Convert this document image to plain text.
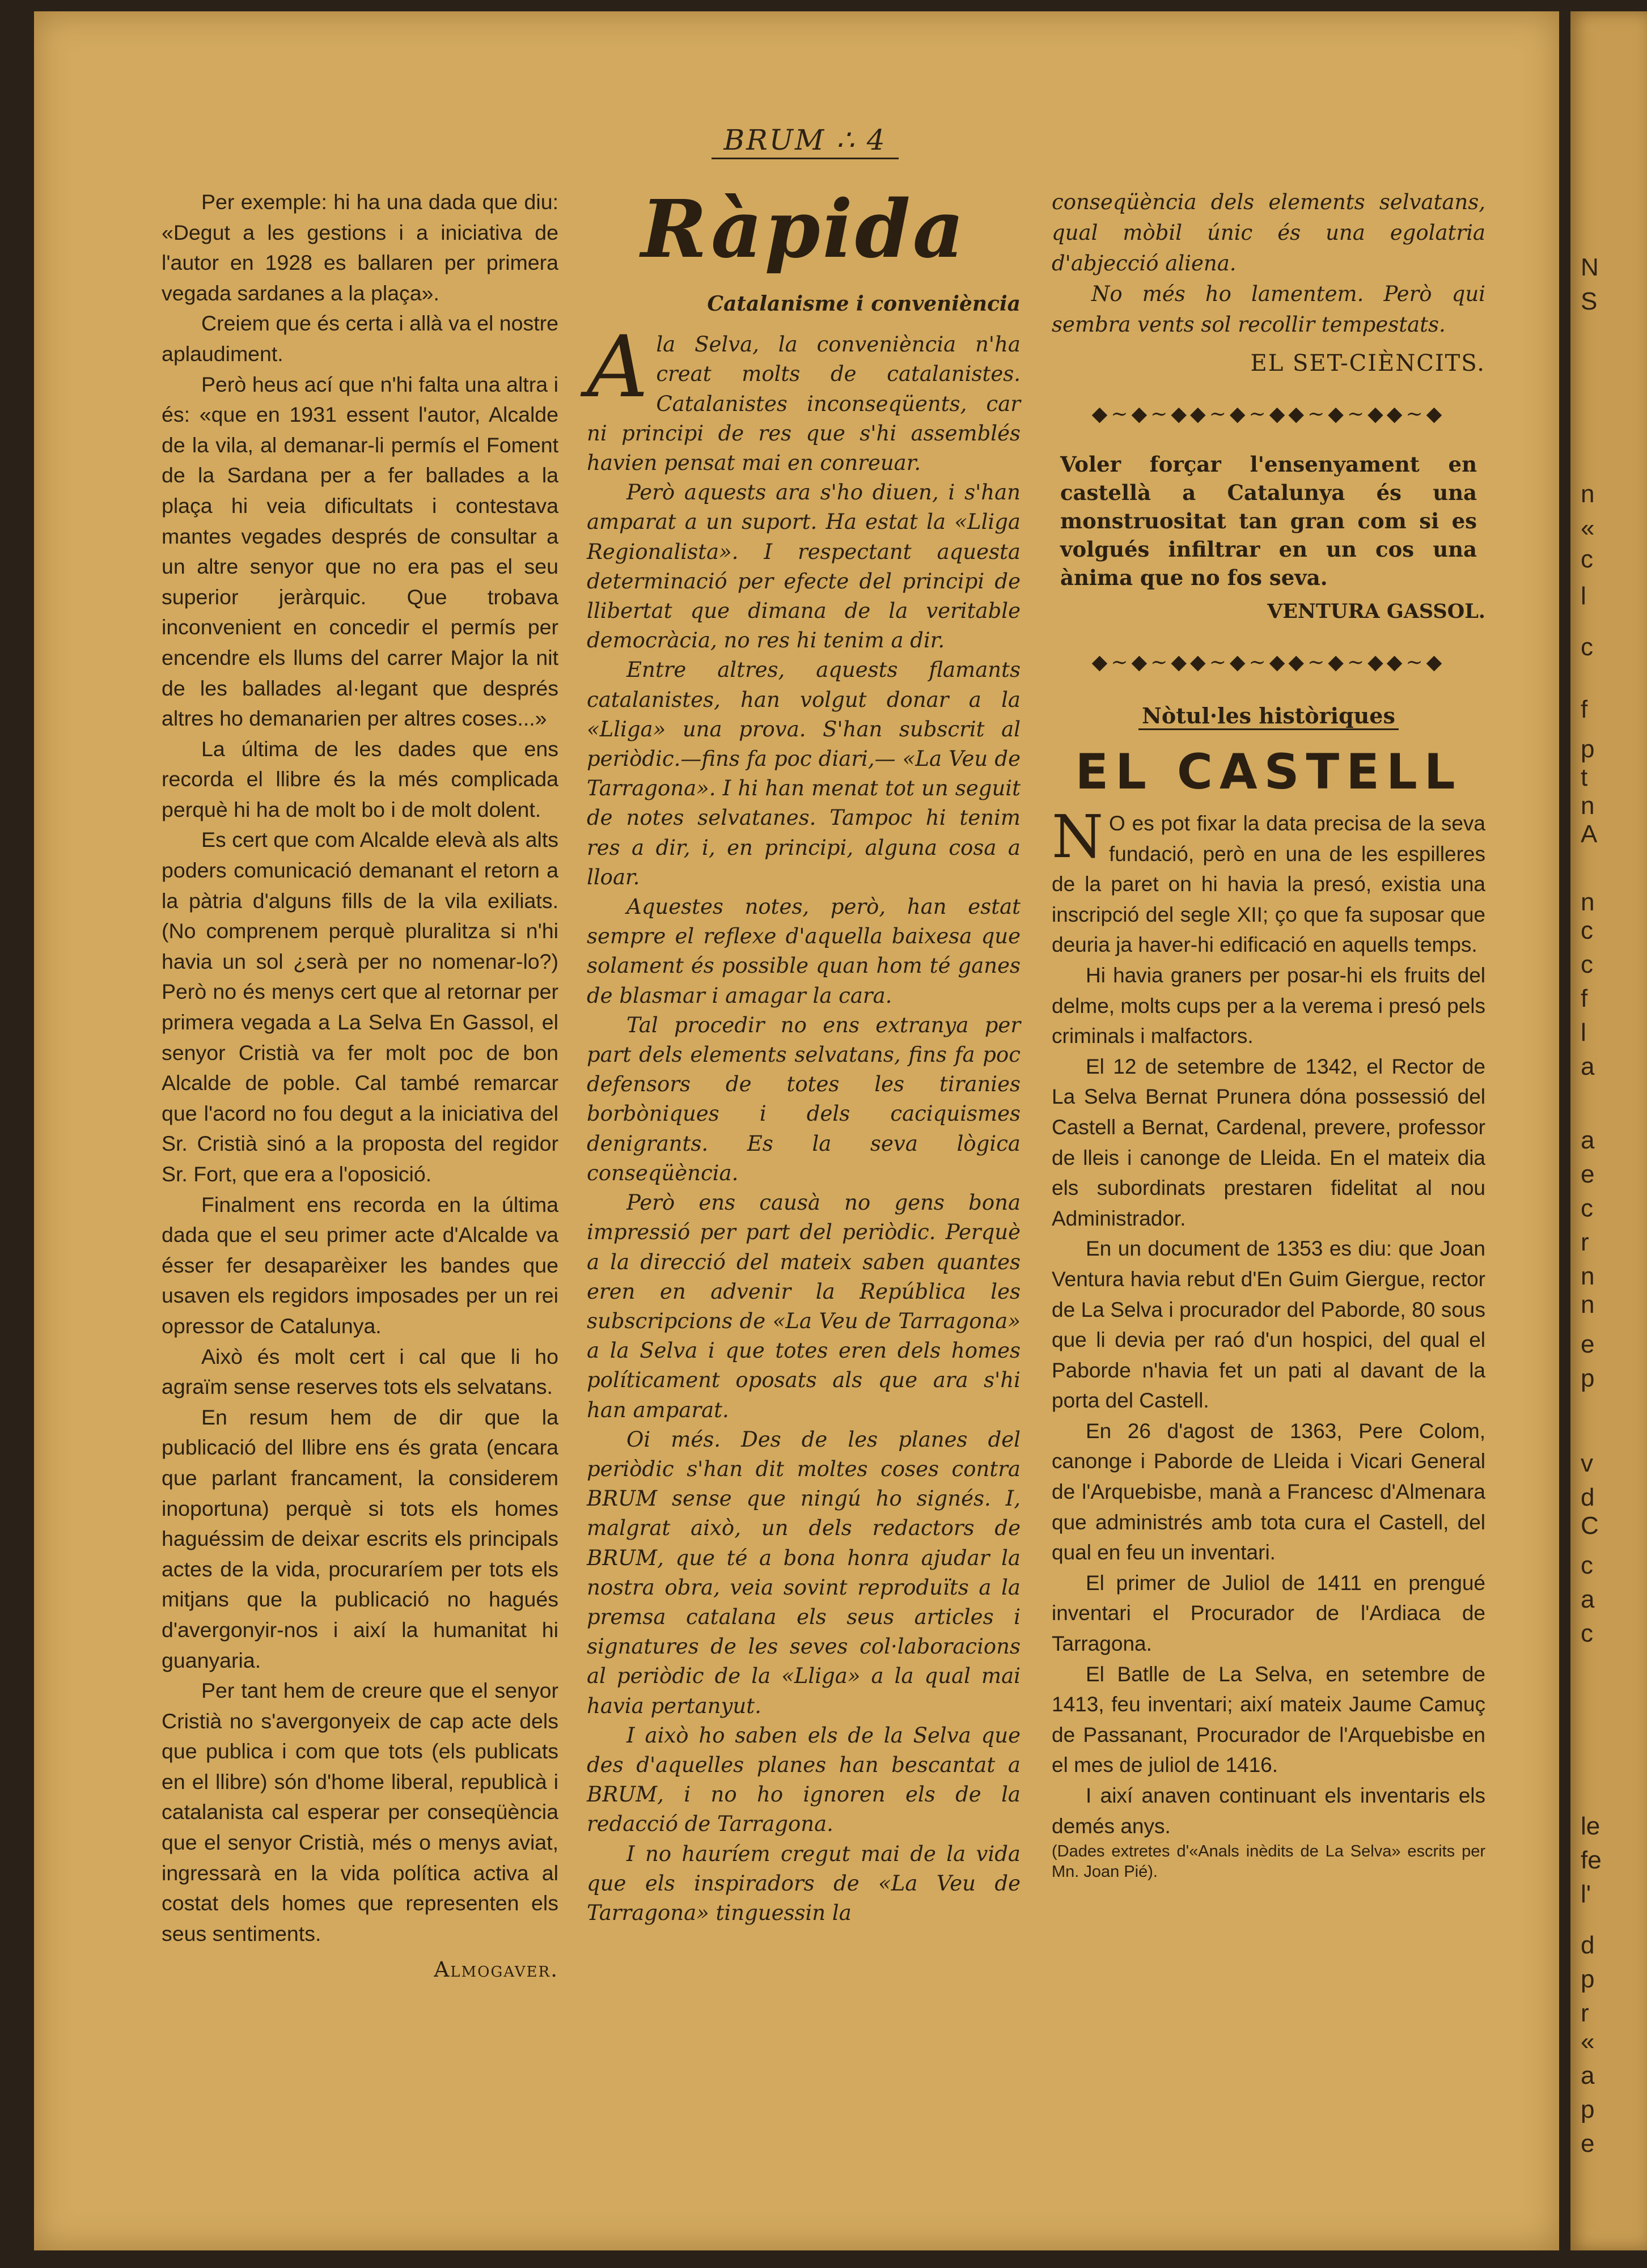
N
S
n
«
c
l
c
f
p
t
n
A
n
c
c
f
l
a
a
e
c
r
n
n
e
p
v
d
C
c
a
c
le
fe
l'
d
p
r
«
a
p
e
BRUM ∴ 4

Per exemple: hi ha una dada que diu: «Degut a les gestions i a iniciativa de l'autor en 1928 es ballaren per primera vegada sardanes a la plaça».

Creiem que és certa i allà va el nostre aplaudiment.

Però heus ací que n'hi falta una altra i és: «que en 1931 essent l'autor, Alcalde de la vila, al demanar-li permís el Foment de la Sardana per a fer ballades a la plaça hi veia dificultats i contestava mantes vegades després de consultar a un altre senyor que no era pas el seu superior jeràrquic. Que trobava inconvenient en concedir el permís per encendre els llums del carrer Major la nit de les ballades al·legant que després altres ho demanarien per altres coses...»

La última de les dades que ens recorda el llibre és la més complicada perquè hi ha de molt bo i de molt dolent.

Es cert que com Alcalde elevà als alts poders comunicació demanant el retorn a la pàtria d'alguns fills de la vila exiliats. (No comprenem perquè pluralitza si n'hi havia un sol ¿serà per no nomenar-lo?) Però no és menys cert que al retornar per primera vegada a La Selva En Gassol, el senyor Cristià va fer molt poc de bon Alcalde de poble. Cal també remarcar que l'acord no fou degut a la iniciativa del Sr. Cristià sinó a la proposta del regidor Sr. Fort, que era a l'oposició.

Finalment ens recorda en la última dada que el seu primer acte d'Alcalde va ésser fer desaparèixer les bandes que usaven els regidors imposades per un rei opressor de Catalunya.

Això és molt cert i cal que li ho agraïm sense reserves tots els selvatans.

En resum hem de dir que la publicació del llibre ens és grata (encara que parlant francament, la considerem inoportuna) perquè si tots els homes haguéssim de deixar escrits els principals actes de la vida, procuraríem per tots els mitjans que la publicació no hagués d'avergonyir-nos i així la humanitat hi guanyaria.

Per tant hem de creure que el senyor Cristià no s'avergonyeix de cap acte dels que publica i com que tots (els publicats en el llibre) són d'home liberal, republicà i catalanista cal esperar per conseqüència que el senyor Cristià, més o menys aviat, ingressarà en la vida política activa al costat dels homes que representen els seus sentiments.

Almogaver.
Ràpida
Catalanisme i conveniència

Ala Selva, la conveniència n'ha creat molts de catalanistes. Catalanistes inconseqüents, car ni principi de res que s'hi assemblés havien pensat mai en conreuar.

Però aquests ara s'ho diuen, i s'han amparat a un suport. Ha estat la «Lliga Regionalista». I respectant aquesta determinació per efecte del principi de llibertat que dimana de la veritable democràcia, no res hi tenim a dir.

Entre altres, aquests flamants catalanistes, han volgut donar a la «Lliga» una prova. S'han subscrit al periòdic.—fins fa poc diari,— «La Veu de Tarragona». I hi han menat tot un seguit de notes selvatanes. Tampoc hi tenim res a dir, i, en principi, alguna cosa a lloar.

Aquestes notes, però, han estat sempre el reflexe d'aquella baixesa que solament és possible quan hom té ganes de blasmar i amagar la cara.

Tal procedir no ens extranya per part dels elements selvatans, fins fa poc defensors de totes les tiranies borbòniques i dels caciquismes denigrants. Es la seva lògica conseqüència.

Però ens causà no gens bona impressió per part del periòdic. Perquè a la direcció del mateix saben quantes eren en advenir la República les subscripcions de «La Veu de Tarragona» a la Selva i que totes eren dels homes políticament oposats als que ara s'hi han amparat.

Oi més. Des de les planes del periòdic s'han dit moltes coses contra BRUM sense que ningú ho signés. I, malgrat això, un dels redactors de BRUM, que té a bona honra ajudar la nostra obra, veia sovint reproduïts a la premsa catalana els seus articles i signatures de les seves col·laboracions al periòdic de la «Lliga» a la qual mai havia pertanyut.

I això ho saben els de la Selva que des d'aquelles planes han bescantat a BRUM, i no ho ignoren els de la redacció de Tarragona.

I no hauríem cregut mai de la vida que els inspiradors de «La Veu de Tarragona» tinguessin la

conseqüència dels elements selvatans, qual mòbil únic és una egolatria d'abjecció aliena.

No més ho lamentem. Però qui sembra vents sol recollir tempestats.

EL SET-CIÈNCITS.
◆∼◆∼◆◆∼◆∼◆◆∼◆∼◆◆∼◆
Voler forçar l'ensenyament en castellà a Catalunya és una monstruositat tan gran com si es volgués infiltrar en un cos una ànima que no fos seva.
VENTURA GASSOL.
◆∼◆∼◆◆∼◆∼◆◆∼◆∼◆◆∼◆
Nòtul·les històriques
EL CASTELL

N O es pot fixar la data precisa de la seva fundació, però en una de les espilleres de la paret on hi havia la presó, existia una inscripció del segle XII; ço que fa suposar que deuria ja haver-hi edificació en aquells temps.

Hi havia graners per posar-hi els fruits del delme, molts cups per a la verema i presó pels criminals i malfactors.

El 12 de setembre de 1342, el Rector de La Selva Bernat Prunera dóna possessió del Castell a Bernat, Cardenal, prevere, professor de lleis i canonge de Lleida. En el mateix dia els subordinats prestaren fidelitat al nou Administrador.

En un document de 1353 es diu: que Joan Ventura havia rebut d'En Guim Giergue, rector de La Selva i procurador del Paborde, 80 sous que li devia per raó d'un hospici, del qual el Paborde n'havia fet un pati al davant de la porta del Castell.

En 26 d'agost de 1363, Pere Colom, canonge i Paborde de Lleida i Vicari General de l'Arquebisbe, manà a Francesc d'Almenara que administrés amb tota cura el Castell, del qual en feu un inventari.

El primer de Juliol de 1411 en prengué inventari el Procurador de l'Ardiaca de Tarragona.

El Batlle de La Selva, en setembre de 1413, feu inventari; així mateix Jaume Camuç de Passanant, Procurador de l'Arquebisbe en el mes de juliol de 1416.

I així anaven continuant els inventaris els demés anys.

(Dades extretes d'«Anals inèdits de La Selva» escrits per Mn. Joan Pié).
